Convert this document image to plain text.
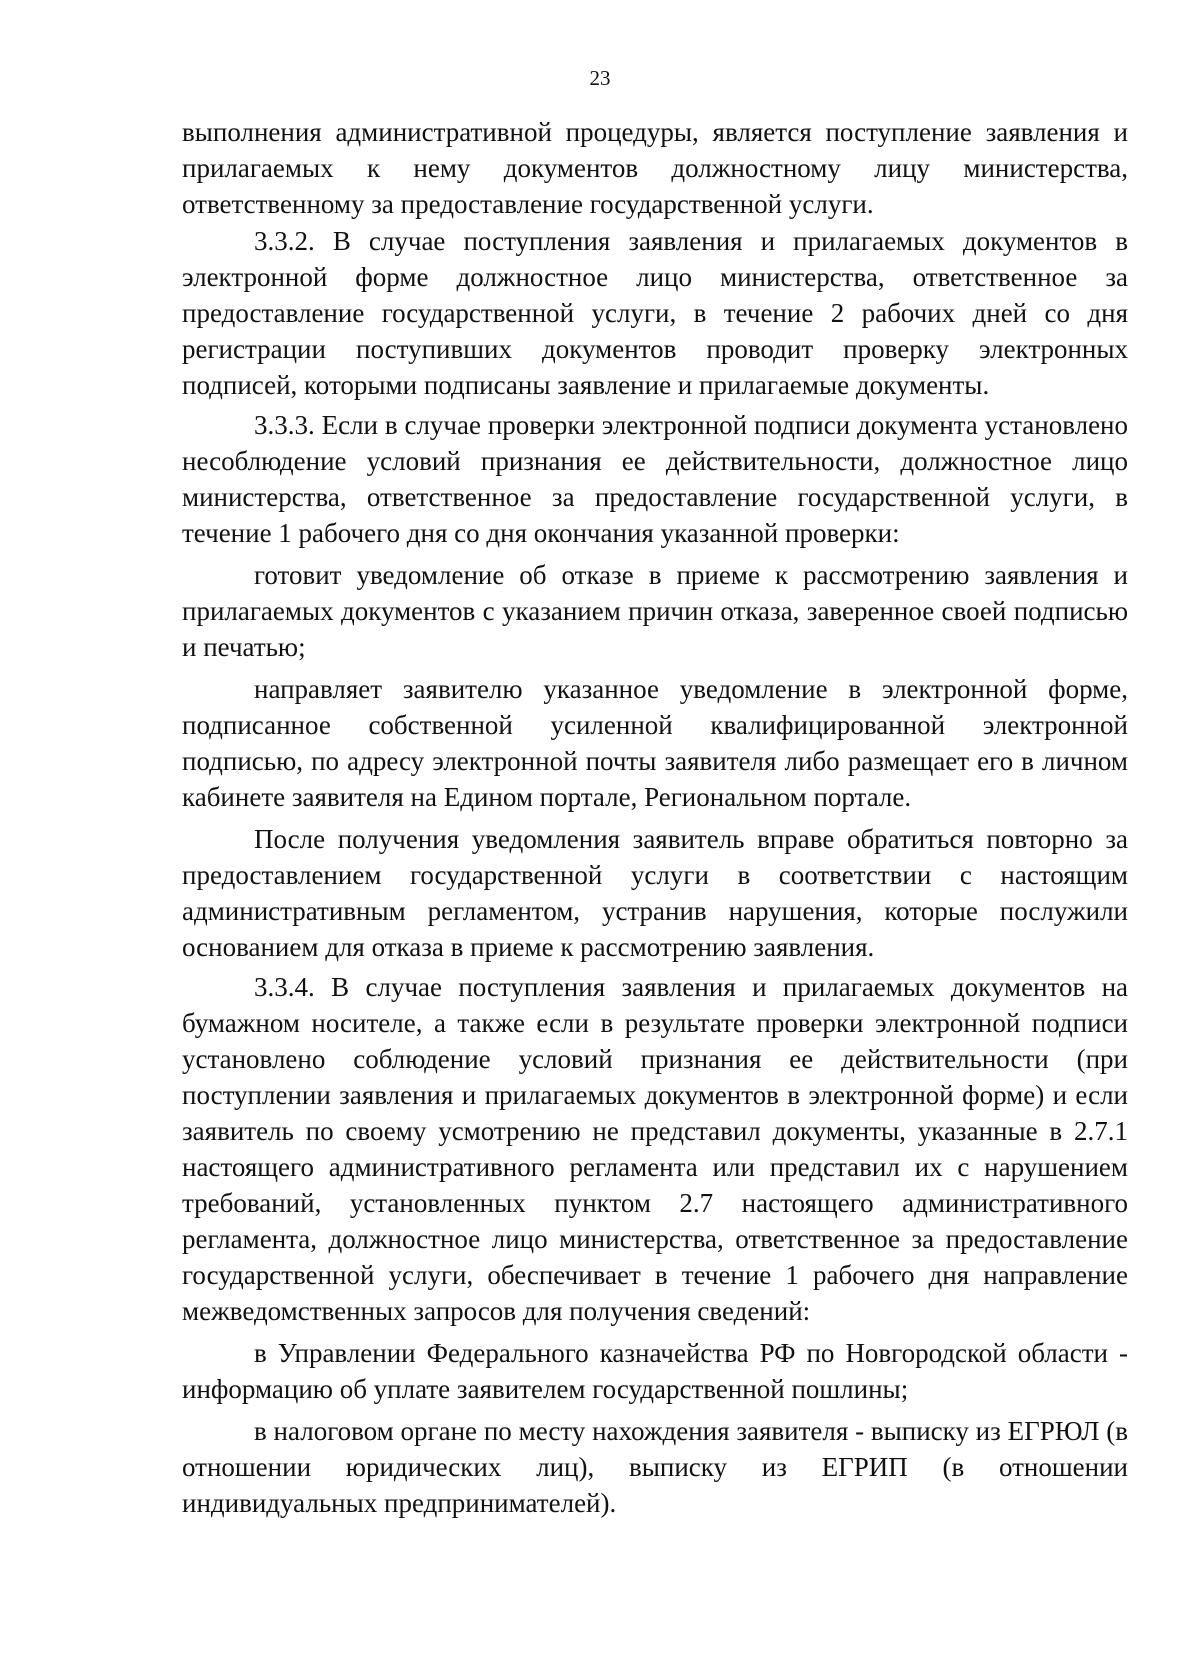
23

выполнения административной процедуры, является поступление заявления и прилагаемых к нему документов должностному лицу министерства, ответственному за предоставление государственной услуги.

3.3.2. В случае поступления заявления и прилагаемых документов в электронной форме должностное лицо министерства, ответственное за предоставление государственной услуги, в течение 2 рабочих дней со дня регистрации поступивших документов проводит проверку электронных подписей, которыми подписаны заявление и прилагаемые документы.

3.3.3. Если в случае проверки электронной подписи документа установлено несоблюдение условий признания ее действительности, должностное лицо министерства, ответственное за предоставление государственной услуги, в течение 1 рабочего дня со дня окончания указанной проверки:

готовит уведомление об отказе в приеме к рассмотрению заявления и прилагаемых документов с указанием причин отказа, заверенное своей подписью и печатью;

направляет заявителю указанное уведомление в электронной форме, подписанное собственной усиленной квалифицированной электронной подписью, по адресу электронной почты заявителя либо размещает его в личном кабинете заявителя на Едином портале, Региональном портале.

После получения уведомления заявитель вправе обратиться повторно за предоставлением государственной услуги в соответствии с настоящим административным регламентом, устранив нарушения, которые послужили основанием для отказа в приеме к рассмотрению заявления.

3.3.4. В случае поступления заявления и прилагаемых документов на бумажном носителе, а также если в результате проверки электронной подписи установлено соблюдение условий признания ее действительности (при поступлении заявления и прилагаемых документов в электронной форме) и если заявитель по своему усмотрению не представил документы, указанные в 2.7.1 настоящего административного регламента или представил их с нарушением требований, установленных пунктом 2.7 настоящего административного регламента, должностное лицо министерства, ответственное за предоставление государственной услуги, обеспечивает в течение 1 рабочего дня направление межведомственных запросов для получения сведений:

в Управлении Федерального казначейства РФ по Новгородской области - информацию об уплате заявителем государственной пошлины;

в налоговом органе по месту нахождения заявителя - выписку из ЕГРЮЛ (в отношении юридических лиц), выписку из ЕГРИП (в отношении индивидуальных предпринимателей).
